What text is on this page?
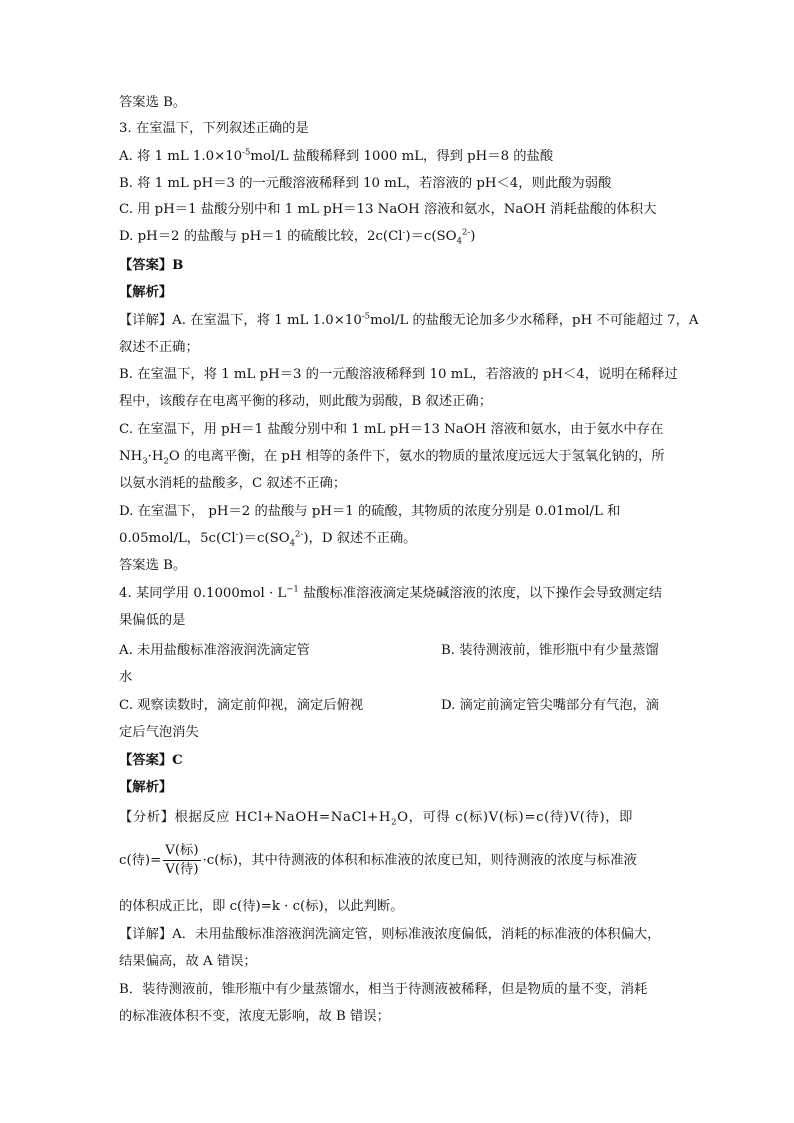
答案选 B。
3. 在室温下，下列叙述正确的是
A. 将 1 mL $1.0\times 10^{-5}mol/L$ 盐酸稀释到 1000 mL，得到 pH＝8 的盐酸
B. 将 1 mL pH＝3 的一元酸溶液稀释到 10 mL，若溶液的 pH＜4，则此酸为弱酸
C. 用 pH＝1 盐酸分别中和 1 mL pH＝13 NaOH 溶液和氨水，NaOH 消耗盐酸的体积大
D. pH＝2 的盐酸与 pH＝1 的硫酸比较，$2c(Cl^-)=c(SO_4^{2-})$
【答案】B
【解析】
【详解】A. 在室温下，将 1 mL $1.0\times 10^{-5}mol/L$ 的盐酸无论加多少水稀释，pH 不可能超过 7，A
叙述不正确；
B. 在室温下，将 1 mL pH＝3 的一元酸溶液稀释到 10 mL，若溶液的 pH＜4，说明在稀释过
程中，该酸存在电离平衡的移动，则此酸为弱酸，B 叙述正确；
C. 在室温下，用 pH＝1 盐酸分别中和 1 mL pH＝13 NaOH 溶液和氨水，由于氨水中存在
$NH_3\cdot H_2O$ 的电离平衡，在 pH 相等的条件下，氨水的物质的量浓度远远大于氢氧化钠的，所
以氨水消耗的盐酸多，C 叙述不正确；
D. 在室温下， pH＝2 的盐酸与 pH＝1 的硫酸，其物质的浓度分别是 0.01mol/L 和
0.05mol/L，$5c(Cl^-)=c(SO_4^{2-})$，D 叙述不正确。
答案选 B。
4. 某同学用 $0.1000mol \cdot L^{-1}$ 盐酸标准溶液滴定某烧碱溶液的浓度，以下操作会导致测定结
果偏低的是
A. 未用盐酸标准溶液润洗滴定管	B. 装待测液前，锥形瓶中有少量蒸馏
水
C. 观察读数时，滴定前仰视，滴定后俯视	D. 滴定前滴定管尖嘴部分有气泡，滴
定后气泡消失
【答案】C
【解析】
【分析】根据反应 $HCl+NaOH=NaCl+H_2O$，可得 c(标)V(标)=c(待)V(待)，即
c(待)= $\frac{\text{V(标)}}{\text{V(待)}} \cdot c$(标)，其中待测液的体积和标准液的浓度已知，则待测液的浓度与标准液
的体积成正比，即 c(待)=k · c(标)，以此判断。
【详解】A．未用盐酸标准溶液润洗滴定管，则标准液浓度偏低，消耗的标准液的体积偏大，
结果偏高，故 A 错误；
B．装待测液前，锥形瓶中有少量蒸馏水，相当于待测液被稀释，但是物质的量不变，消耗
的标准液体积不变，浓度无影响，故 B 错误；
